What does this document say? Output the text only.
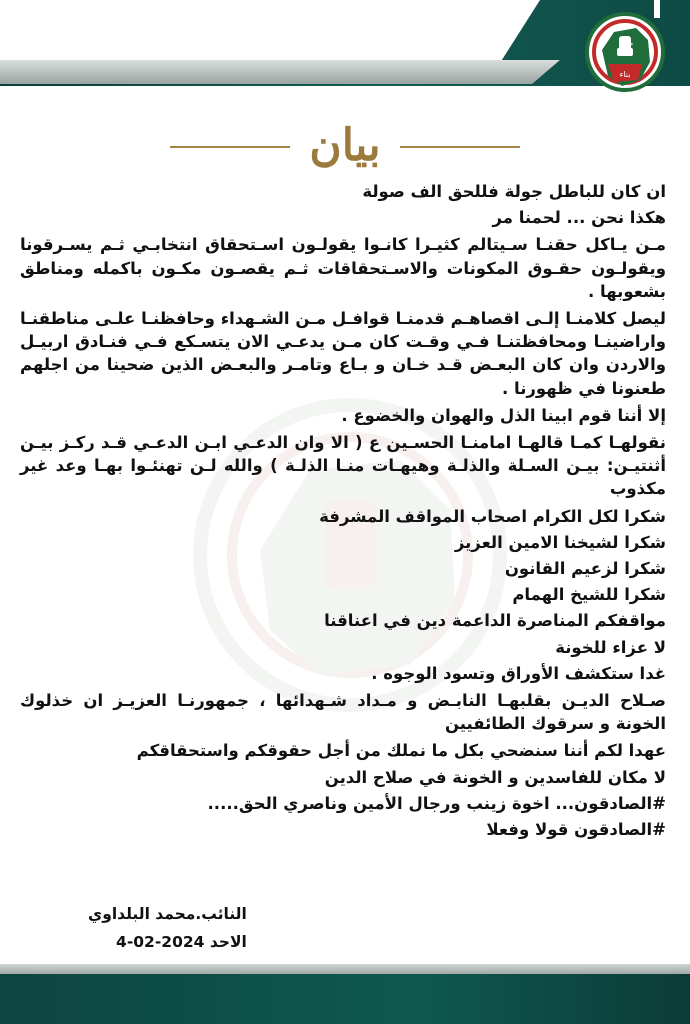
جواد
بناء
بيان
ان كان للباطل جولة فللحق الف صولة
هكذا نحن ... لحمنا مر
مـن يـاكل حقنـا سـيتالم كثيـرا كانـوا يقولـون اسـتحقاق انتخابـي ثـم يسـرقونا ويقولـون حقـوق المكونات والاسـتحقاقات ثـم يقصـون مكـون باكمله ومناطق بشعوبها .
ليصل كلامنـا إلـى اقصاهـم قدمنـا قوافـل مـن الشـهداء وحافظنـا علـى مناطقنـا واراضينـا ومحافظتنـا فـي وقـت كان مـن يدعـي الان يتسـكع فـي فنـادق اربيـل والاردن وان كان البعـض قـد خـان و بـاع وتامـر والبعـض الذين ضحينا من اجلهم طعنونا في ظهورنا .
إلا أننا قوم ابينا الذل والهوان والخضوع .
نقولهـا كمـا قالهـا امامنـا الحسـين ع ( الا وان الدعـي ابـن الدعـي قـد ركـز بيـن أثنتيـن: بيـن السـلة والذلـة وهيهـات منـا الذلـة ) والله لـن تهنئـوا بهـا وعد غير مكذوب
شكرا لكل الكرام اصحاب المواقف المشرفة
شكرا لشيخنا الامين العزيز
شكرا لزعيم القانون
شكرا للشيخ الهمام
مواقفكم المناصرة الداعمة دين في اعناقنا
لا عزاء للخونة
غدا ستكشف الأوراق وتسود الوجوه .
صـلاح الديـن بقلبهـا النابـض و مـداد شـهدائها ، جمهورنـا العزيـز ان خذلوك الخونة و سرقوك الطائفيين
عهدا لكم أننا سنضحي بكل ما نملك من أجل حقوقكم واستحقاقكم
لا مكان للفاسدين و الخونة في صلاح الدين
#الصادقون... اخوة زينب ورجال الأمين وناصري الحق.....
#الصادقون قولا وفعلا
النائب.محمد البلداوي
الاحد 2024-02-4
